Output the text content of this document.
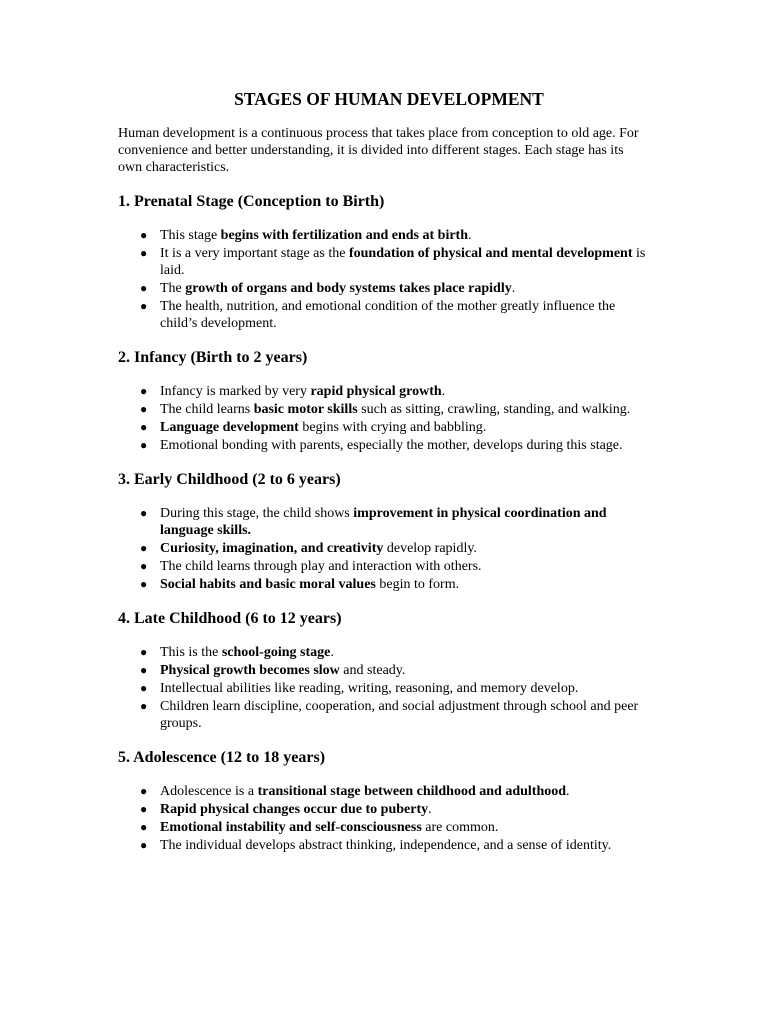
STAGES OF HUMAN DEVELOPMENT

Human development is a continuous process that takes place from conception to old age. For convenience and better understanding, it is divided into different stages. Each stage has its own characteristics.

1. Prenatal Stage (Conception to Birth)
● This stage begins with fertilization and ends at birth.
● It is a very important stage as the foundation of physical and mental development is laid.
● The growth of organs and body systems takes place rapidly.
● The health, nutrition, and emotional condition of the mother greatly influence the child’s development.
2. Infancy (Birth to 2 years)
● Infancy is marked by very rapid physical growth.
● The child learns basic motor skills such as sitting, crawling, standing, and walking.
● Language development begins with crying and babbling.
● Emotional bonding with parents, especially the mother, develops during this stage.
3. Early Childhood (2 to 6 years)
● During this stage, the child shows improvement in physical coordination and language skills.
● Curiosity, imagination, and creativity develop rapidly.
● The child learns through play and interaction with others.
● Social habits and basic moral values begin to form.
4. Late Childhood (6 to 12 years)
● This is the school-going stage.
● Physical growth becomes slow and steady.
● Intellectual abilities like reading, writing, reasoning, and memory develop.
● Children learn discipline, cooperation, and social adjustment through school and peer groups.
5. Adolescence (12 to 18 years)
● Adolescence is a transitional stage between childhood and adulthood.
● Rapid physical changes occur due to puberty.
● Emotional instability and self-consciousness are common.
● The individual develops abstract thinking, independence, and a sense of identity.
